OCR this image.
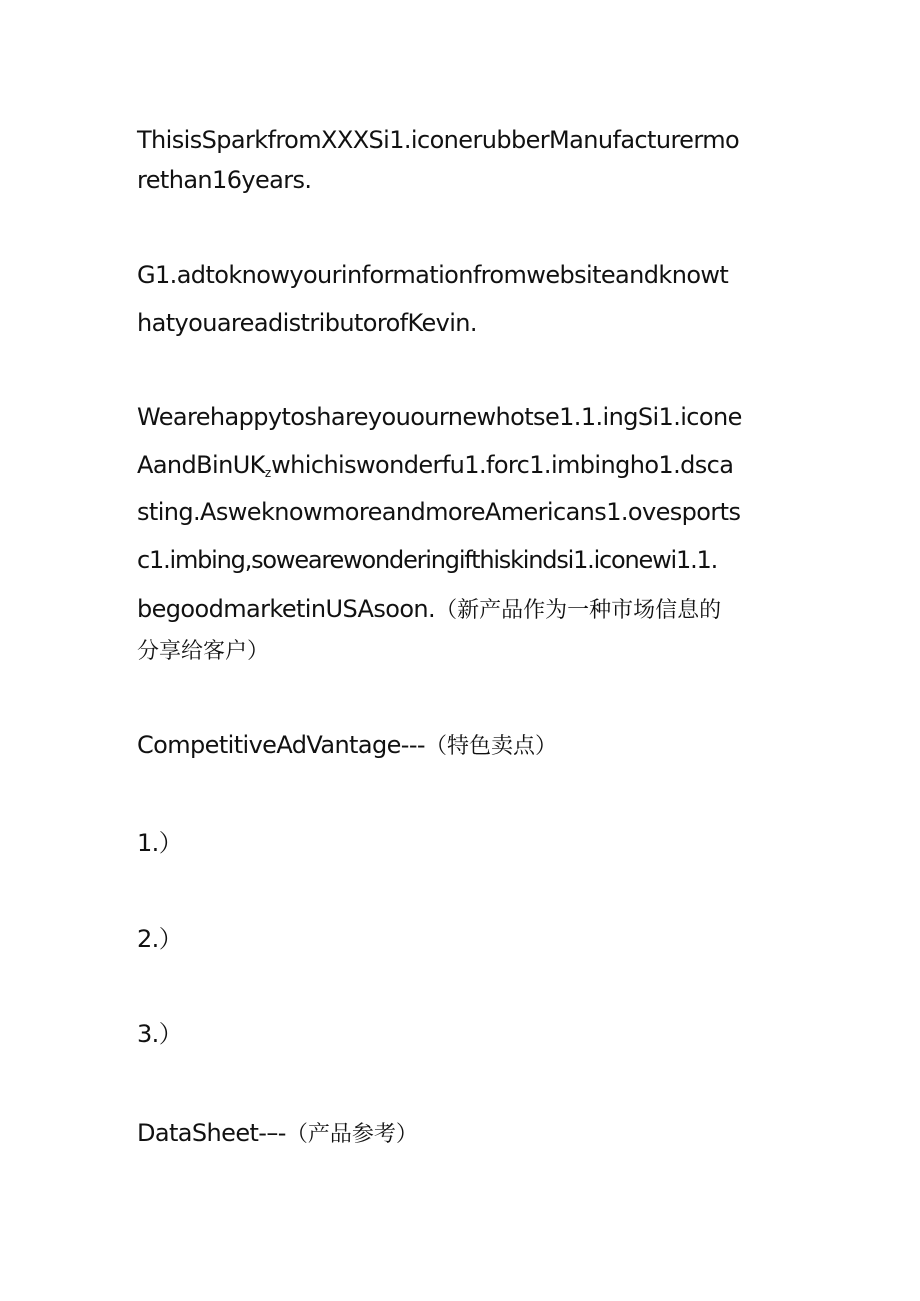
ThisisSparkfromXXXSi1.iconerubberManufacturermo
rethan16years.
G1.adtoknowyourinformationfromwebsiteandknowt
hatyouareadistributorofKevin.
Wearehappytoshareyouournewhotse1.1.ingSi1.icone
AandBinUK$_z$whichiswonderfu1.forc1.imbingho1.dsca
sting.AsweknowmoreandmoreAmericans1.ovesports
c1.imbing,sowearewonderingifthiskindsi1.iconewi1.1.
begoodmarketinUSAsoon.（新产品作为一种市场信息的
分享给客户）
CompetitiveAdVantage---（特色卖点）
1.）
2.）
3.）
DataSheet-–-（产品参考）
